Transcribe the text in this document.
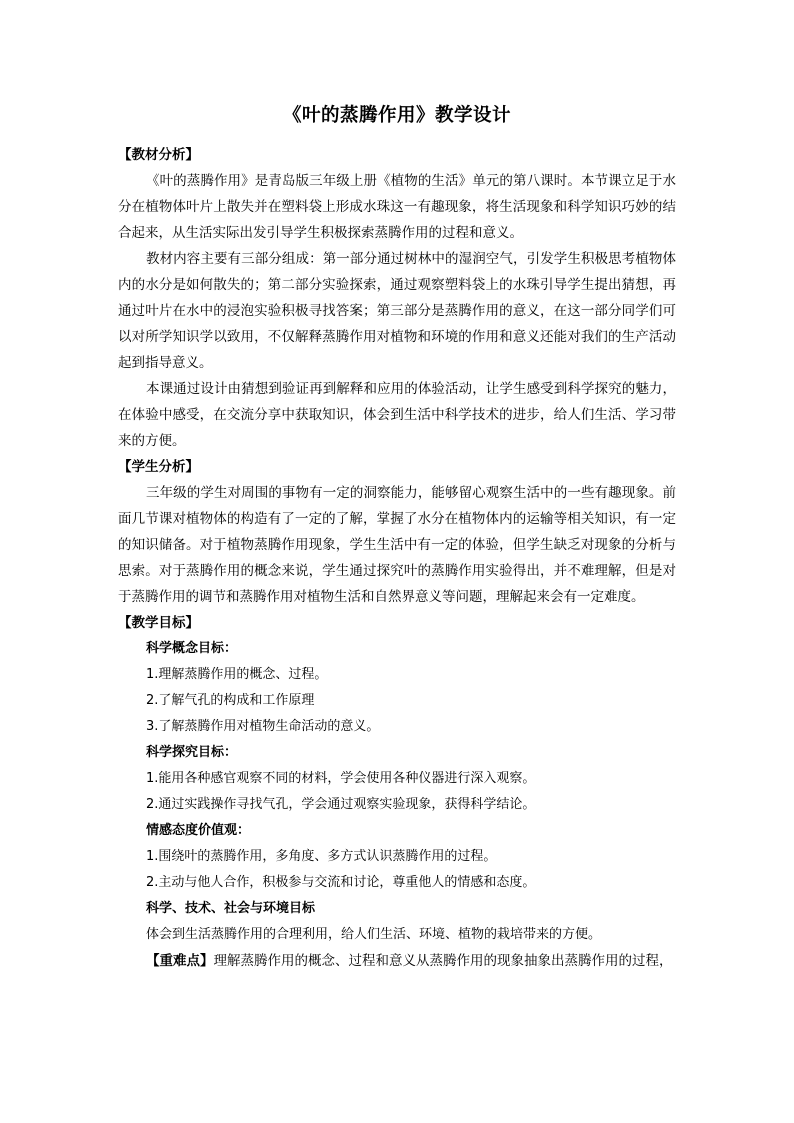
《叶的蒸腾作用》教学设计

【教材分析】

《叶的蒸腾作用》是青岛版三年级上册《植物的生活》单元的第八课时。本节课立足于水分在植物体叶片上散失并在塑料袋上形成水珠这一有趣现象，将生活现象和科学知识巧妙的结合起来，从生活实际出发引导学生积极探索蒸腾作用的过程和意义。

教材内容主要有三部分组成：第一部分通过树林中的湿润空气，引发学生积极思考植物体内的水分是如何散失的；第二部分实验探索，通过观察塑料袋上的水珠引导学生提出猜想，再通过叶片在水中的浸泡实验积极寻找答案；第三部分是蒸腾作用的意义，在这一部分同学们可以对所学知识学以致用，不仅解释蒸腾作用对植物和环境的作用和意义还能对我们的生产活动起到指导意义。

本课通过设计由猜想到验证再到解释和应用的体验活动，让学生感受到科学探究的魅力，在体验中感受，在交流分享中获取知识，体会到生活中科学技术的进步，给人们生活、学习带来的方便。

【学生分析】

三年级的学生对周围的事物有一定的洞察能力，能够留心观察生活中的一些有趣现象。前面几节课对植物体的构造有了一定的了解，掌握了水分在植物体内的运输等相关知识，有一定的知识储备。对于植物蒸腾作用现象，学生生活中有一定的体验，但学生缺乏对现象的分析与思索。对于蒸腾作用的概念来说，学生通过探究叶的蒸腾作用实验得出，并不难理解，但是对于蒸腾作用的调节和蒸腾作用对植物生活和自然界意义等问题，理解起来会有一定难度。

【教学目标】

科学概念目标：

1.理解蒸腾作用的概念、过程。

2.了解气孔的构成和工作原理

3.了解蒸腾作用对植物生命活动的意义。

科学探究目标：

1.能用各种感官观察不同的材料，学会使用各种仪器进行深入观察。

2.通过实践操作寻找气孔，学会通过观察实验现象，获得科学结论。

情感态度价值观：

1.围绕叶的蒸腾作用，多角度、多方式认识蒸腾作用的过程。

2.主动与他人合作，积极参与交流和讨论，尊重他人的情感和态度。

科学、技术、社会与环境目标

体会到生活蒸腾作用的合理利用，给人们生活、环境、植物的栽培带来的方便。

【重难点】理解蒸腾作用的概念、过程和意义从蒸腾作用的现象抽象出蒸腾作用的过程，
